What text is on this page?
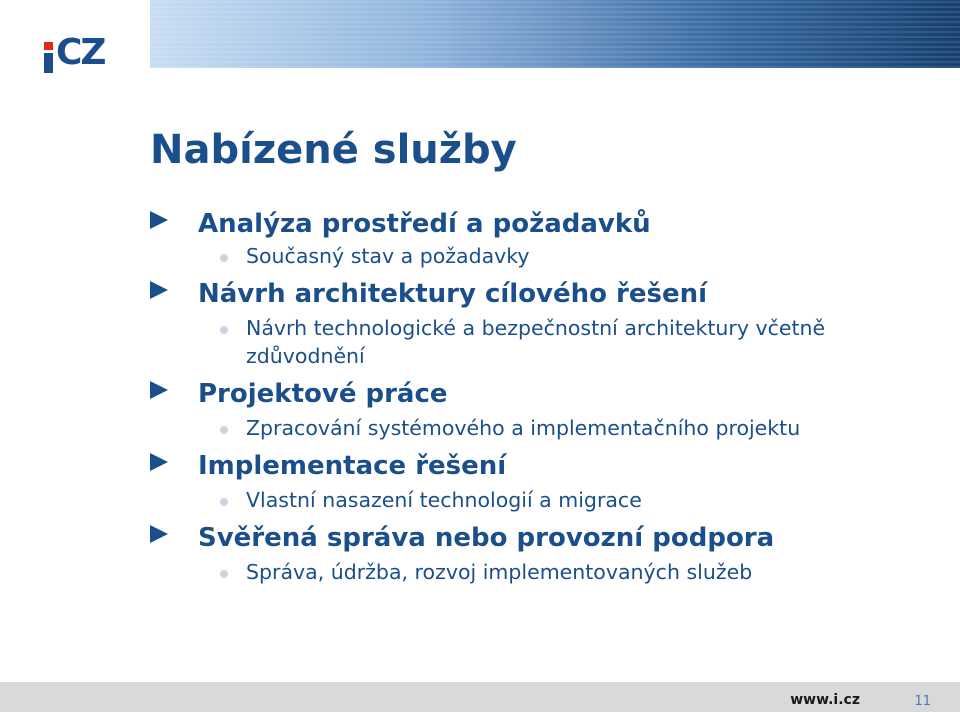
CZ
Nabízené služby
Analýza prostředí a požadavků
Současný stav a požadavky
Návrh architektury cílového řešení
Návrh technologické a bezpečnostní architektury včetně zdůvodnění
Projektové práce
Zpracování systémového a implementačního projektu
Implementace řešení
Vlastní nasazení technologií a migrace
Svěřená správa nebo provozní podpora
Správa, údržba, rozvoj implementovaných služeb
www.i.cz	11
